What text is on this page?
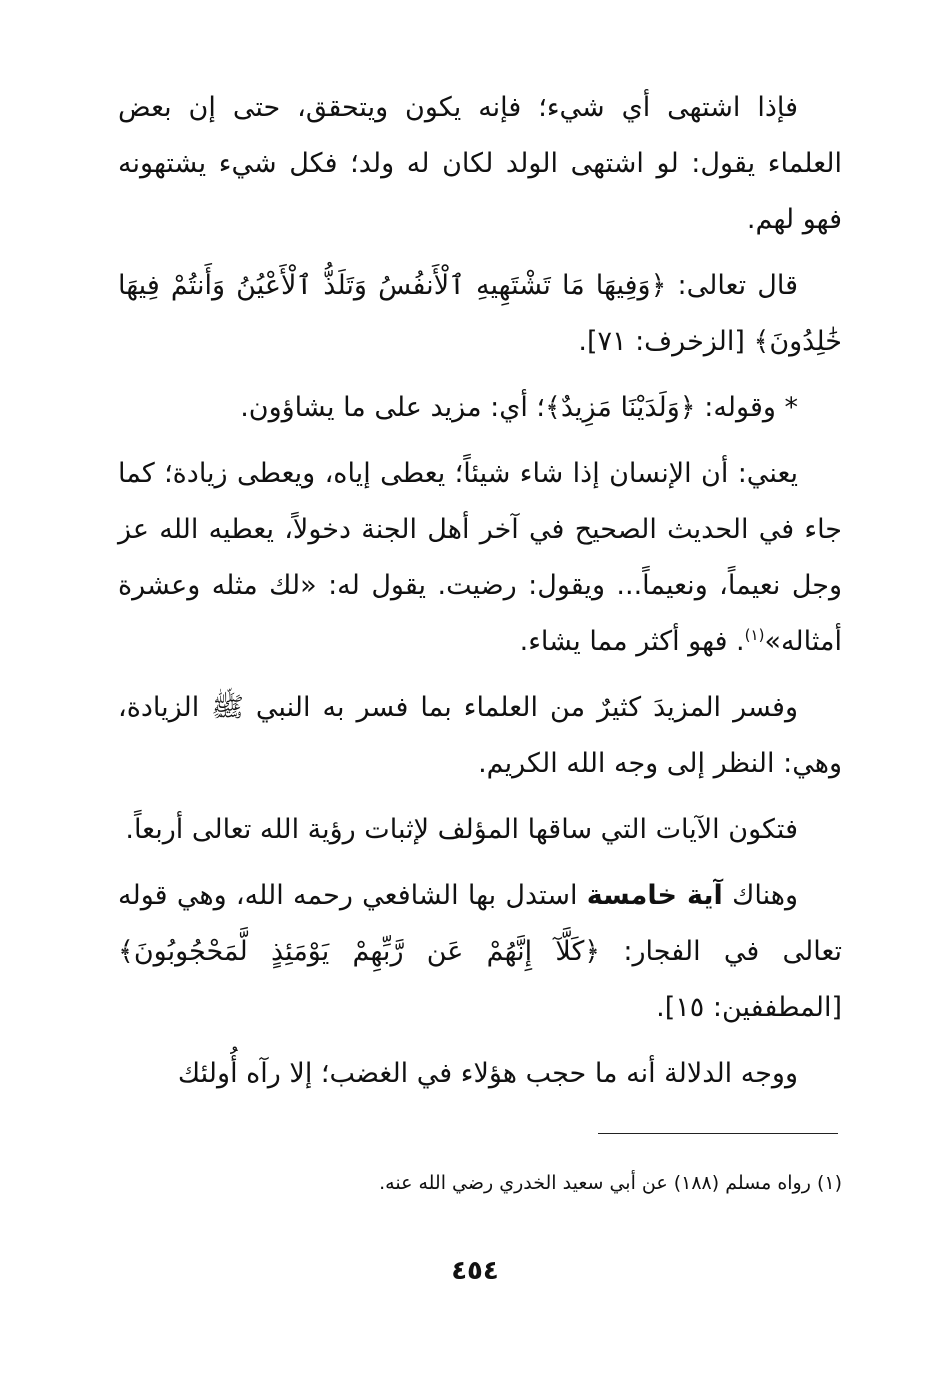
فإذا اشتهى أي شيء؛ فإنه يكون ويتحقق، حتى إن بعض العلماء يقول: لو اشتهى الولد لكان له ولد؛ فكل شيء يشتهونه فهو لهم.

قال تعالى: ﴿وَفِيهَا مَا تَشْتَهِيهِ ٱلْأَنفُسُ وَتَلَذُّ ٱلْأَعْيُنُ وَأَنتُمْ فِيهَا خَٰلِدُونَ﴾ [الزخرف: ٧١].

* وقوله: ﴿وَلَدَيْنَا مَزِيدٌ﴾؛ أي: مزيد على ما يشاؤون.

يعني: أن الإنسان إذا شاء شيئاً؛ يعطى إياه، ويعطى زيادة؛ كما جاء في الحديث الصحيح في آخر أهل الجنة دخولاً، يعطيه الله عز وجل نعيماً، ونعيماً... ويقول: رضيت. يقول له: «لك مثله وعشرة أمثاله»$^{(١)}$. فهو أكثر مما يشاء.

وفسر المزيدَ كثيرٌ من العلماء بما فسر به النبي ﷺ الزيادة، وهي: النظر إلى وجه الله الكريم.

فتكون الآيات التي ساقها المؤلف لإثبات رؤية الله تعالى أربعاً.

وهناك آية خامسة استدل بها الشافعي رحمه الله، وهي قوله تعالى في الفجار: ﴿كَلَّآ إِنَّهُمْ عَن رَّبِّهِمْ يَوْمَئِذٍ لَّمَحْجُوبُونَ﴾ [المطففين: ١٥].

ووجه الدلالة أنه ما حجب هؤلاء في الغضب؛ إلا رآه أُولئك

(١) رواه مسلم (١٨٨) عن أبي سعيد الخدري رضي الله عنه.
٤٥٤
